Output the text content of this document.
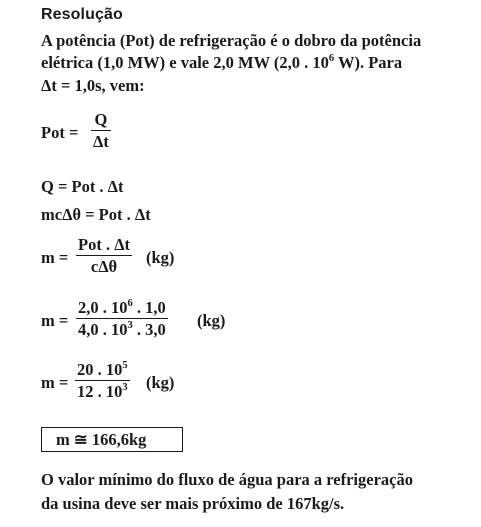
Resolução
A potência (Pot) de refrigeração é o dobro da potência
elétrica (1,0 MW) e vale 2,0 MW (2,0 . $10^6$ W). Para
Δt = 1,0s, vem:
Pot =
Q
Δt
Q = Pot . Δt
mcΔθ = Pot . Δt
m =
Pot . Δt
cΔθ (kg)
m =
2,0 . $10^6$ . 1,0
4,0 . $10^3$ . 3,0 (kg)
m =
20 . $10^5$
12 . $10^3$ (kg)
m ≅ 166,6kg
O valor mínimo do fluxo de água para a refrigeração
da usina deve ser mais próximo de 167kg/s.
